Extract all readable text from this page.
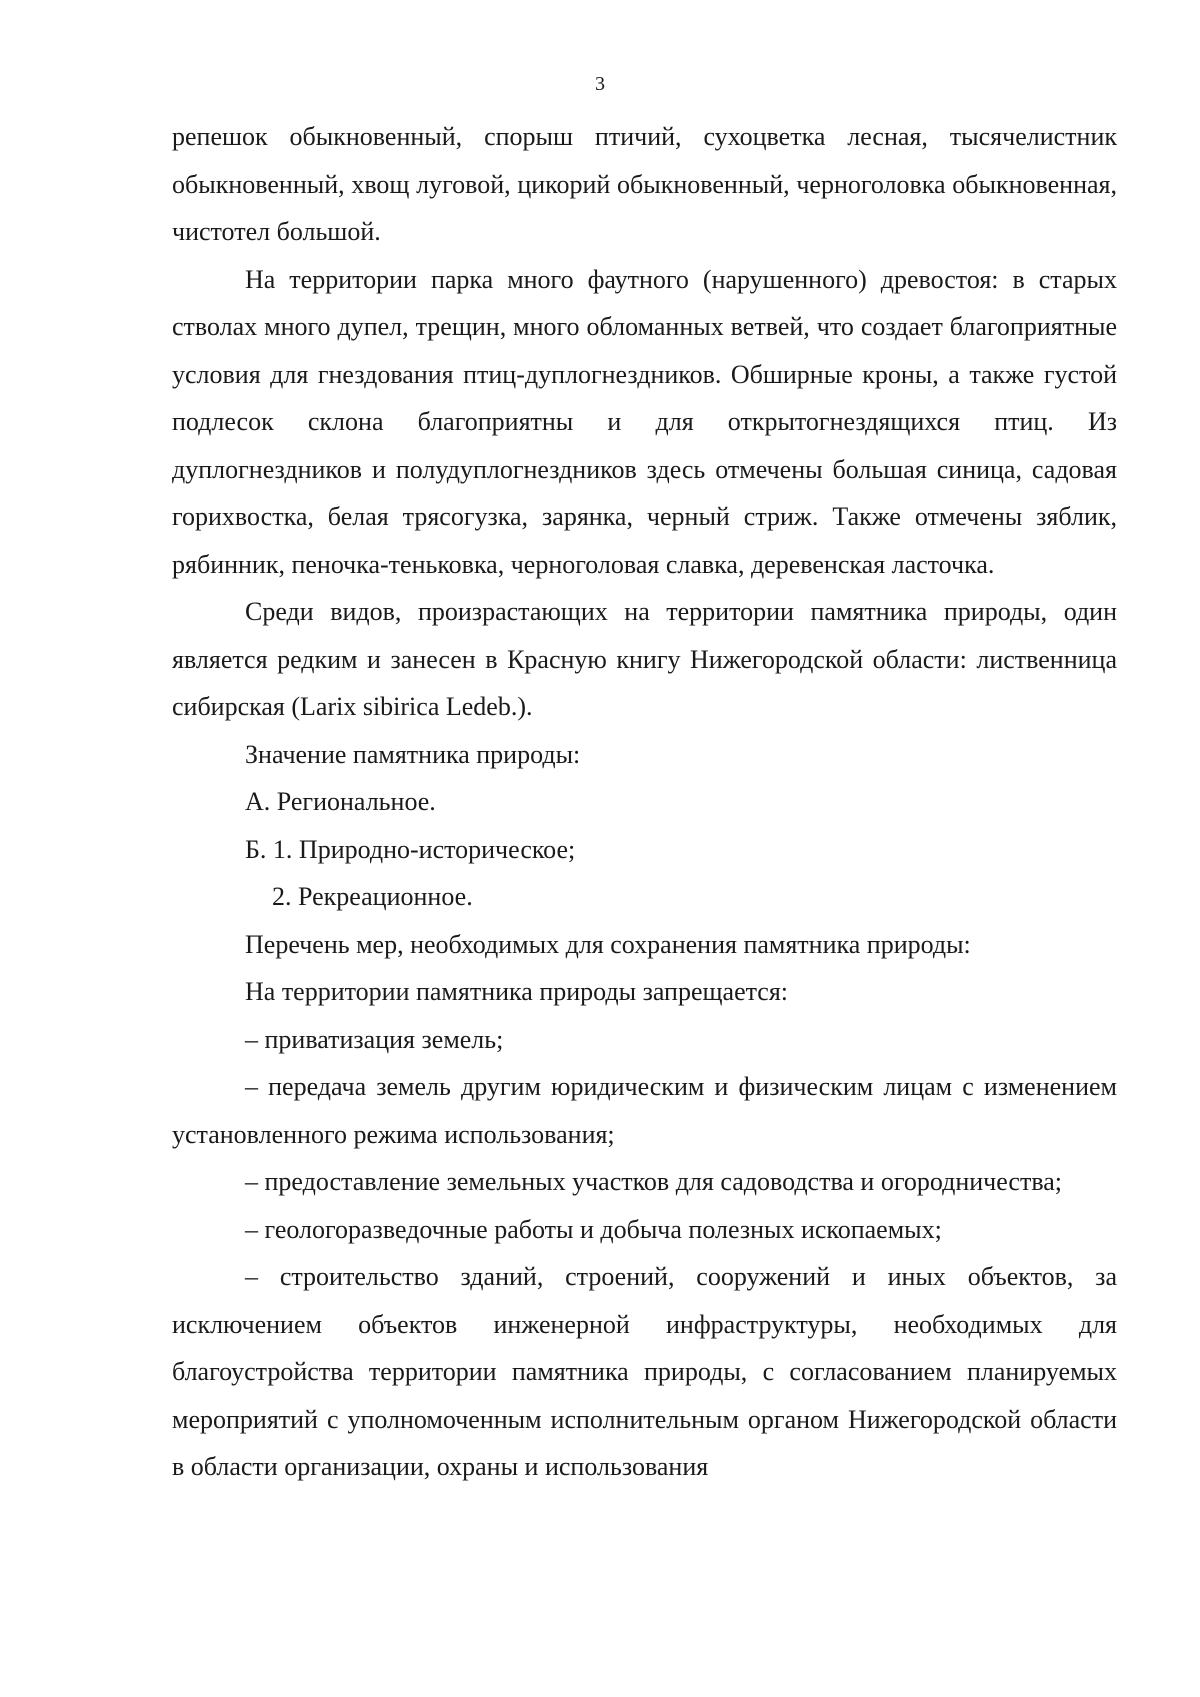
3

репешок обыкновенный, спорыш птичий, сухоцветка лесная, тысячелистник обыкновенный, хвощ луговой, цикорий обыкновенный, черноголовка обыкновенная, чистотел большой.

На территории парка много фаутного (нарушенного) древостоя: в старых стволах много дупел, трещин, много обломанных ветвей, что создает благоприятные условия для гнездования птиц-дуплогнездников. Обширные кроны, а также густой подлесок склона благоприятны и для открытогнездящихся птиц. Из дуплогнездников и полудуплогнездников здесь отмечены большая синица, садовая горихвостка, белая трясогузка, зарянка, черный стриж. Также отмечены зяблик, рябинник, пеночка-теньковка, черноголовая славка, деревенская ласточка.

Среди видов, произрастающих на территории памятника природы, один является редким и занесен в Красную книгу Нижегородской области: лиственница сибирская (Larix sibirica Ledeb.).

Значение памятника природы:

А. Региональное.

Б. 1. Природно-историческое;

2. Рекреационное.

Перечень мер, необходимых для сохранения памятника природы:

На территории памятника природы запрещается:

– приватизация земель;

– передача земель другим юридическим и физическим лицам с изменением установленного режима использования;

– предоставление земельных участков для садоводства и огородничества;

– геологоразведочные работы и добыча полезных ископаемых;

– строительство зданий, строений, сооружений и иных объектов, за исключением объектов инженерной инфраструктуры, необходимых для благоустройства территории памятника природы, с согласованием планируемых мероприятий с уполномоченным исполнительным органом Нижегородской области в области организации, охраны и использования
